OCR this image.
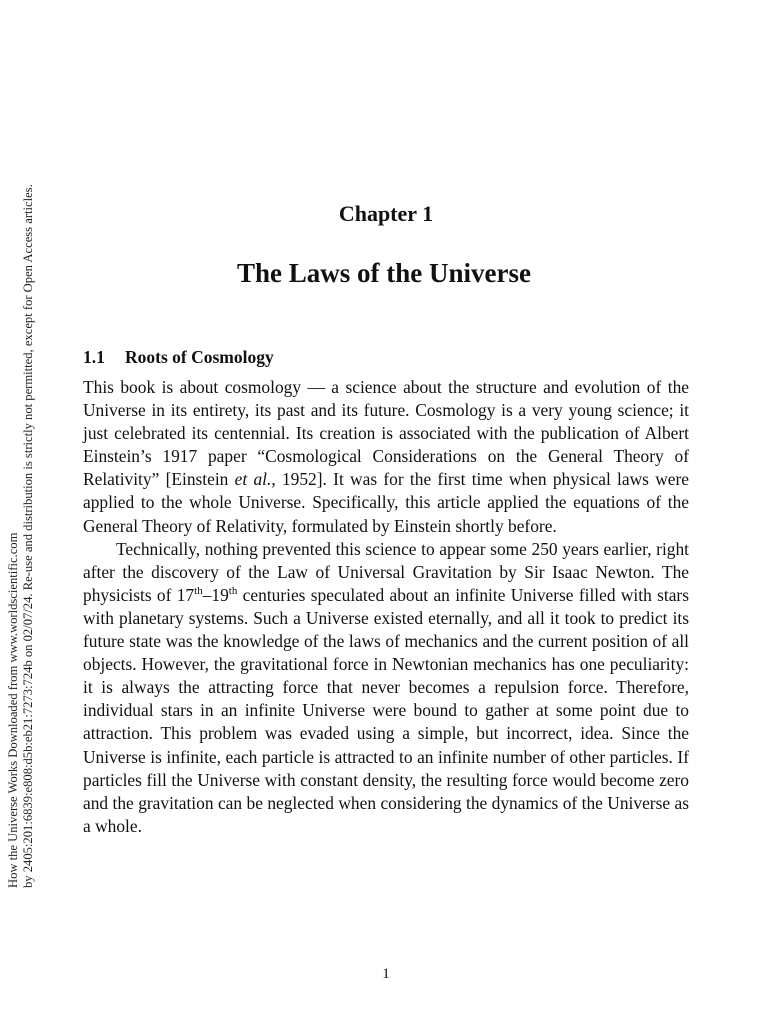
How the Universe Works Downloaded from www.worldscientific.com by 2405:201:6839:e808:d5b:eb21:7273:724b on 02/07/24. Re-use and distribution is strictly not permitted, except for Open Access articles.	Chapter 1
The Laws of the Universe
1.1 Roots of Cosmology

This book is about cosmology — a science about the structure and evolution of the Universe in its entirety, its past and its future. Cosmology is a very young science; it just celebrated its centennial. Its creation is associated with the publication of Albert Einstein’s 1917 paper “Cosmological Considerations on the General Theory of Relativity” [Einstein et al., 1952]. It was for the first time when physical laws were applied to the whole Universe. Specifically, this article applied the equations of the General Theory of Relativity, formulated by Einstein shortly before.

Technically, nothing prevented this science to appear some 250 years earlier, right after the discovery of the Law of Universal Gravitation by Sir Isaac Newton. The physicists of 17th–19th centuries speculated about an infinite Universe filled with stars with planetary systems. Such a Universe existed eternally, and all it took to predict its future state was the knowledge of the laws of mechanics and the current position of all objects. However, the gravitational force in Newtonian mechanics has one peculiarity: it is always the attracting force that never becomes a repulsion force. Therefore, individual stars in an infinite Universe were bound to gather at some point due to attraction. This problem was evaded using a simple, but incorrect, idea. Since the Universe is infinite, each particle is attracted to an infinite number of other particles. If particles fill the Universe with constant density, the resulting force would become zero and the gravitation can be neglected when considering the dynamics of the Universe as a whole.

1
